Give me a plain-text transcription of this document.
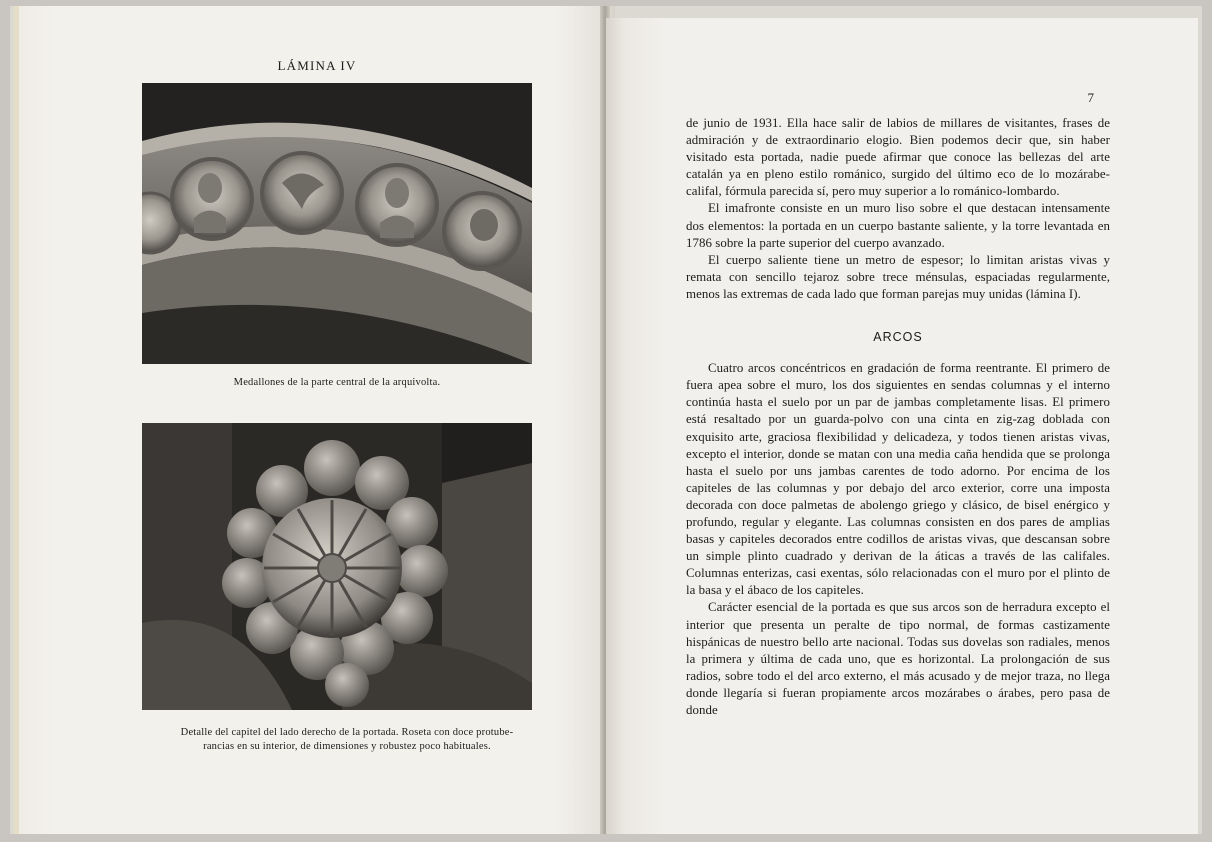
LÁMINA IV
Medallones de la parte central de la arquivolta.
Detalle del capitel del lado derecho de la portada. Roseta con doce protube-
rancias en su interior, de dimensiones y robustez poco habituales.
7

de junio de 1931. Ella hace salir de labios de millares de visitantes, frases de admiración y de extraordinario elogio. Bien podemos decir que, sin haber visitado esta portada, nadie puede afirmar que conoce las bellezas del arte catalán ya en pleno estilo románico, surgido del último eco de lo mozárabe-califal, fórmula parecida sí, pero muy superior a lo románico-lombardo.

El imafronte consiste en un muro liso sobre el que destacan intensamente dos elementos: la portada en un cuerpo bastante saliente, y la torre levantada en 1786 sobre la parte superior del cuerpo avanzado.

El cuerpo saliente tiene un metro de espesor; lo limitan aristas vivas y remata con sencillo tejaroz sobre trece ménsulas, espaciadas regularmente, menos las extremas de cada lado que forman parejas muy unidas (lámina I).

ARCOS

Cuatro arcos concéntricos en gradación de forma reentrante. El primero de fuera apea sobre el muro, los dos siguientes en sendas columnas y el interno continúa hasta el suelo por un par de jambas completamente lisas. El primero está resaltado por un guarda-polvo con una cinta en zig-zag doblada con exquisito arte, graciosa flexibilidad y delicadeza, y todos tienen aristas vivas, excepto el interior, donde se matan con una media caña hendida que se prolonga hasta el suelo por uns jambas carentes de todo adorno. Por encima de los capiteles de las columnas y por debajo del arco exterior, corre una imposta decorada con doce palmetas de abolengo griego y clásico, de bisel enérgico y profundo, regular y elegante. Las columnas consisten en dos pares de amplias basas y capiteles decorados entre codillos de aristas vivas, que descansan sobre un simple plinto cuadrado y derivan de la áticas a través de las califales. Columnas enterizas, casi exentas, sólo relacionadas con el muro por el plinto de la basa y el ábaco de los capiteles.

Carácter esencial de la portada es que sus arcos son de herradura excepto el interior que presenta un peralte de tipo normal, de formas castizamente hispánicas de nuestro bello arte nacional. Todas sus dovelas son radiales, menos la primera y última de cada uno, que es horizontal. La prolongación de sus radios, sobre todo el del arco externo, el más acusado y de mejor traza, no llega donde llegaría si fueran propiamente arcos mozárabes o árabes, pero pasa de donde
